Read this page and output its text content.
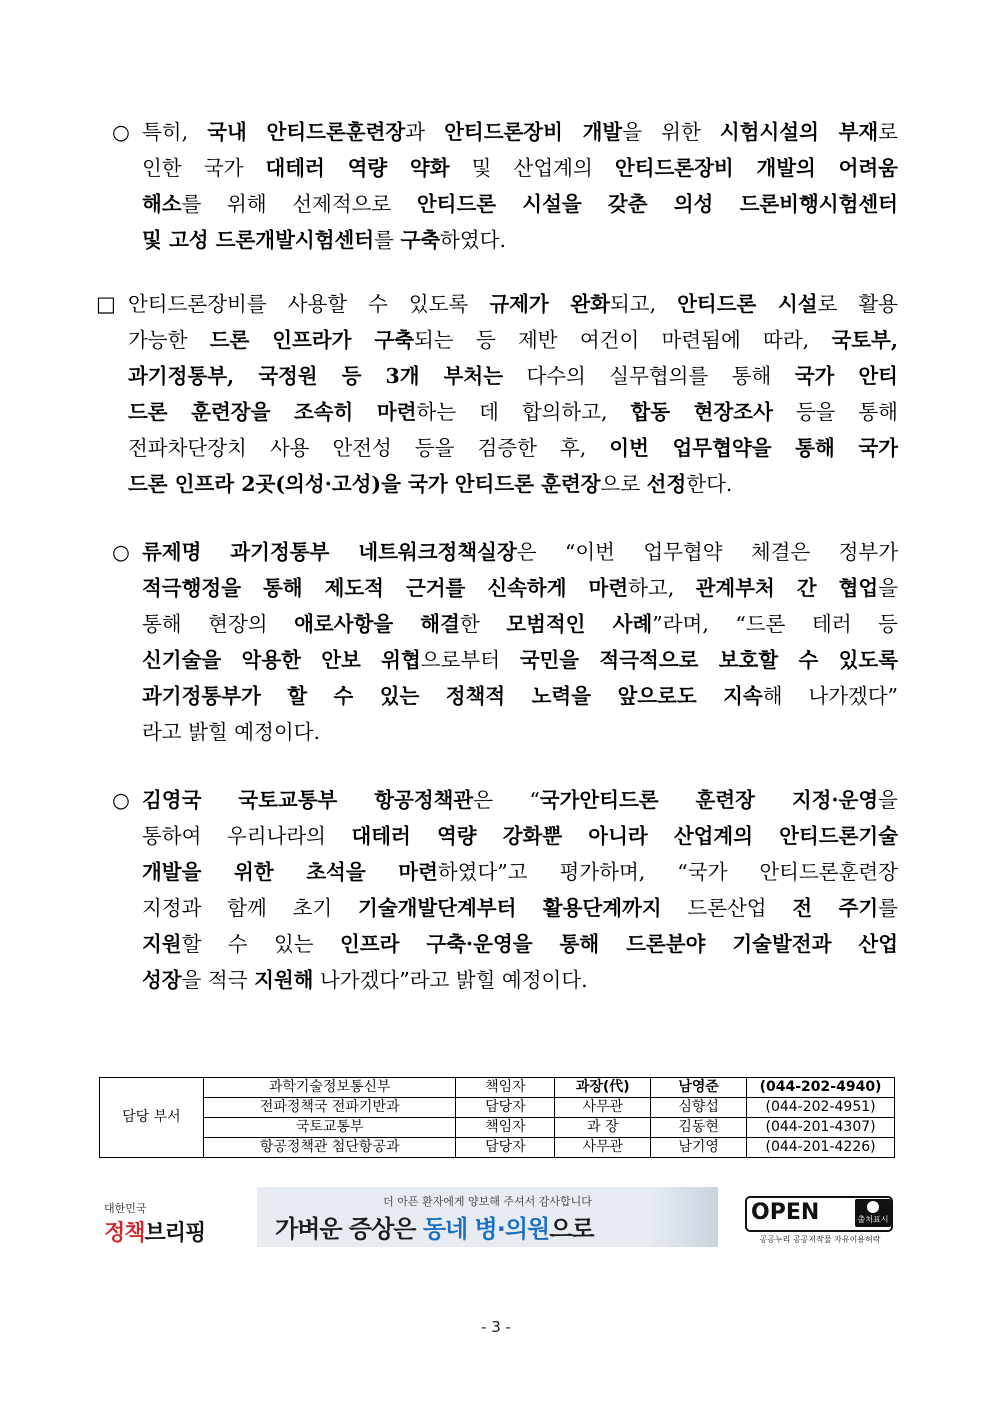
○ 특히, 국내 안티드론훈련장과 안티드론장비 개발을 위한 시험시설의 부재로
인한 국가 대테러 역량 약화 및 산업계의 안티드론장비 개발의 어려움
해소를 위해 선제적으로 안티드론 시설을 갖춘 의성 드론비행시험센터
및 고성 드론개발시험센터를 구축하였다.
□ 안티드론장비를 사용할 수 있도록 규제가 완화되고, 안티드론 시설로 활용
가능한 드론 인프라가 구축되는 등 제반 여건이 마련됨에 따라, 국토부,
과기정통부, 국정원 등 3개 부처는 다수의 실무협의를 통해 국가 안티
드론 훈련장을 조속히 마련하는 데 합의하고, 합동 현장조사 등을 통해
전파차단장치 사용 안전성 등을 검증한 후, 이번 업무협약을 통해 국가
드론 인프라 2곳(의성·고성)을 국가 안티드론 훈련장으로 선정한다.
○ 류제명 과기정통부 네트워크정책실장은 “이번 업무협약 체결은 정부가
적극행정을 통해 제도적 근거를 신속하게 마련하고, 관계부처 간 협업을
통해 현장의 애로사항을 해결한 모범적인 사례”라며, “드론 테러 등
신기술을 악용한 안보 위협으로부터 국민을 적극적으로 보호할 수 있도록
과기정통부가 할 수 있는 정책적 노력을 앞으로도 지속해 나가겠다”
라고 밝힐 예정이다.
○ 김영국 국토교통부 항공정책관은 “국가안티드론 훈련장 지정·운영을
통하여 우리나라의 대테러 역량 강화뿐 아니라 산업계의 안티드론기술
개발을 위한 초석을 마련하였다”고 평가하며, “국가 안티드론훈련장
지정과 함께 초기 기술개발단계부터 활용단계까지 드론산업 전 주기를
지원할 수 있는 인프라 구축·운영을 통해 드론분야 기술발전과 산업
성장을 적극 지원해 나가겠다”라고 밝힐 예정이다.
담당 부서	과학기술정보통신부	책임자	과장(代)	남영준	(044-202-4940)
	전파정책국 전파기반과	담당자	사무관	심향섭	(044-202-4951)
	국토교통부	책임자	과 장	김동현	(044-201-4307)
	항공정책관 첨단항공과	담당자	사무관	남기영	(044-201-4226)
대한민국
정책브리핑
더 아픈 환자에게 양보해 주셔서 감사합니다
가벼운 증상은 동네 병·의원으로
OPEN	출처표시
공공누리 공공저작물 자유이용허락
- 3 -
